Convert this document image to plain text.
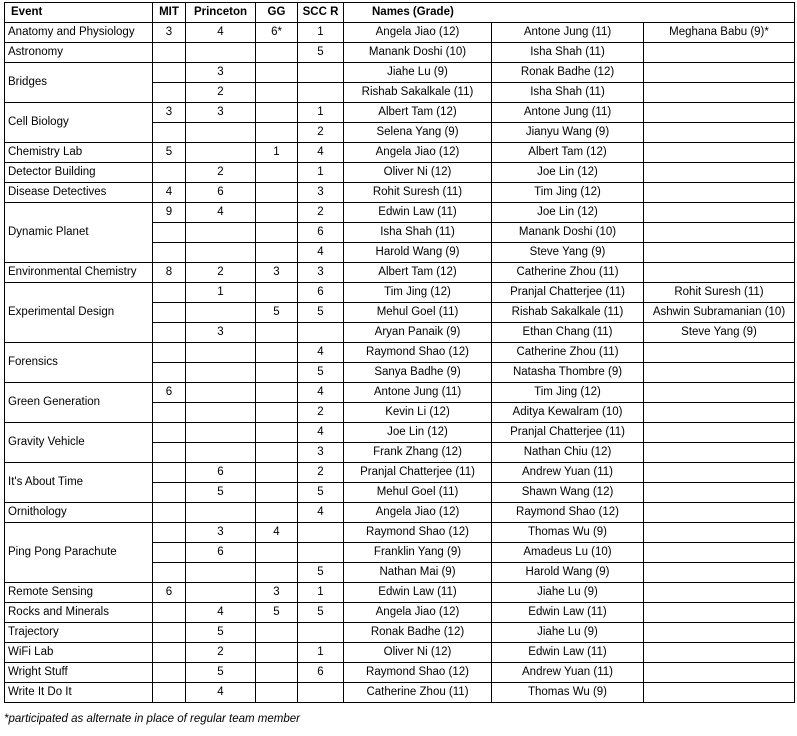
Event	MIT	Princeton	GG	SCC R	Names (Grade)		
Anatomy and Physiology	3	4	6*	1	Angela Jiao (12)	Antone Jung (11)	Meghana Babu (9)*
Astronomy				5	Manank Doshi (10)	Isha Shah (11)	
Bridges		3			Jiahe Lu (9)	Ronak Badhe (12)	
		2			Rishab Sakalkale (11)	Isha Shah (11)	
Cell Biology	3	3		1	Albert Tam (12)	Antone Jung (11)	
				2	Selena Yang (9)	Jianyu Wang (9)	
Chemistry Lab	5		1	4	Angela Jiao (12)	Albert Tam (12)	
Detector Building		2		1	Oliver Ni (12)	Joe Lin (12)	
Disease Detectives	4	6		3	Rohit Suresh (11)	Tim Jing (12)	
Dynamic Planet	9	4		2	Edwin Law (11)	Joe Lin (12)	
				6	Isha Shah (11)	Manank Doshi (10)	
				4	Harold Wang (9)	Steve Yang (9)	
Environmental Chemistry	8	2	3	3	Albert Tam (12)	Catherine Zhou (11)	
Experimental Design		1		6	Tim Jing (12)	Pranjal Chatterjee (11)	Rohit Suresh (11)
			5	5	Mehul Goel (11)	Rishab Sakalkale (11)	Ashwin Subramanian (10)
		3			Aryan Panaik (9)	Ethan Chang (11)	Steve Yang (9)
Forensics				4	Raymond Shao (12)	Catherine Zhou (11)	
				5	Sanya Badhe (9)	Natasha Thombre (9)	
Green Generation	6			4	Antone Jung (11)	Tim Jing (12)	
				2	Kevin Li (12)	Aditya Kewalram (10)	
Gravity Vehicle				4	Joe Lin (12)	Pranjal Chatterjee (11)	
				3	Frank Zhang (12)	Nathan Chiu (12)	
It's About Time		6		2	Pranjal Chatterjee (11)	Andrew Yuan (11)	
		5		5	Mehul Goel (11)	Shawn Wang (12)	
Ornithology				4	Angela Jiao (12)	Raymond Shao (12)	
Ping Pong Parachute		3	4		Raymond Shao (12)	Thomas Wu (9)	
		6			Franklin Yang (9)	Amadeus Lu (10)	
				5	Nathan Mai (9)	Harold Wang (9)	
Remote Sensing	6		3	1	Edwin Law (11)	Jiahe Lu (9)	
Rocks and Minerals		4	5	5	Angela Jiao (12)	Edwin Law (11)	
Trajectory		5			Ronak Badhe (12)	Jiahe Lu (9)	
WiFi Lab		2		1	Oliver Ni (12)	Edwin Law (11)	
Wright Stuff		5		6	Raymond Shao (12)	Andrew Yuan (11)	
Write It Do It		4			Catherine Zhou (11)	Thomas Wu (9)	
*participated as alternate in place of regular team member
